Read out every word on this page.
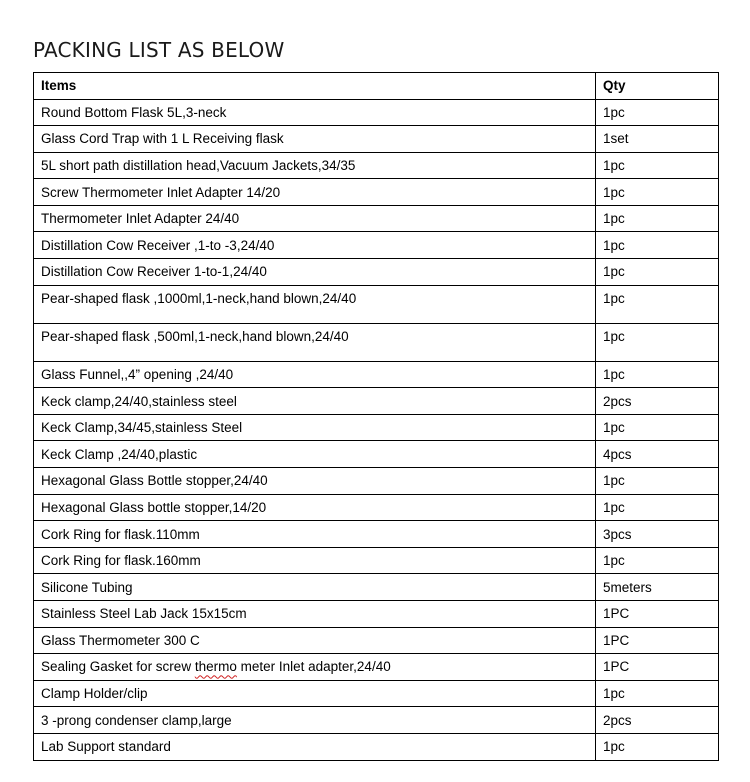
PACKING LIST AS BELOW
Items	Qty
Round Bottom Flask 5L,3-neck	1pc
Glass Cord Trap with 1 L Receiving flask	1set
5L short path distillation head,Vacuum Jackets,34/35	1pc
Screw Thermometer Inlet Adapter 14/20	1pc
Thermometer Inlet Adapter 24/40	1pc
Distillation Cow Receiver ,1-to -3,24/40	1pc
Distillation Cow Receiver 1-to-1,24/40	1pc
Pear-shaped flask ,1000ml,1-neck,hand blown,24/40	1pc
Pear-shaped flask ,500ml,1-neck,hand blown,24/40	1pc
Glass Funnel,,4” opening ,24/40	1pc
Keck clamp,24/40,stainless steel	2pcs
Keck Clamp,34/45,stainless Steel	1pc
Keck Clamp ,24/40,plastic	4pcs
Hexagonal Glass Bottle stopper,24/40	1pc
Hexagonal Glass bottle stopper,14/20	1pc
Cork Ring for flask.110mm	3pcs
Cork Ring for flask.160mm	1pc
Silicone Tubing	5meters
Stainless Steel Lab Jack 15x15cm	1PC
Glass Thermometer 300 C	1PC
Sealing Gasket for screw thermo meter Inlet adapter,24/40	1PC
Clamp Holder/clip	1pc
3 -prong condenser clamp,large	2pcs
Lab Support standard	1pc
